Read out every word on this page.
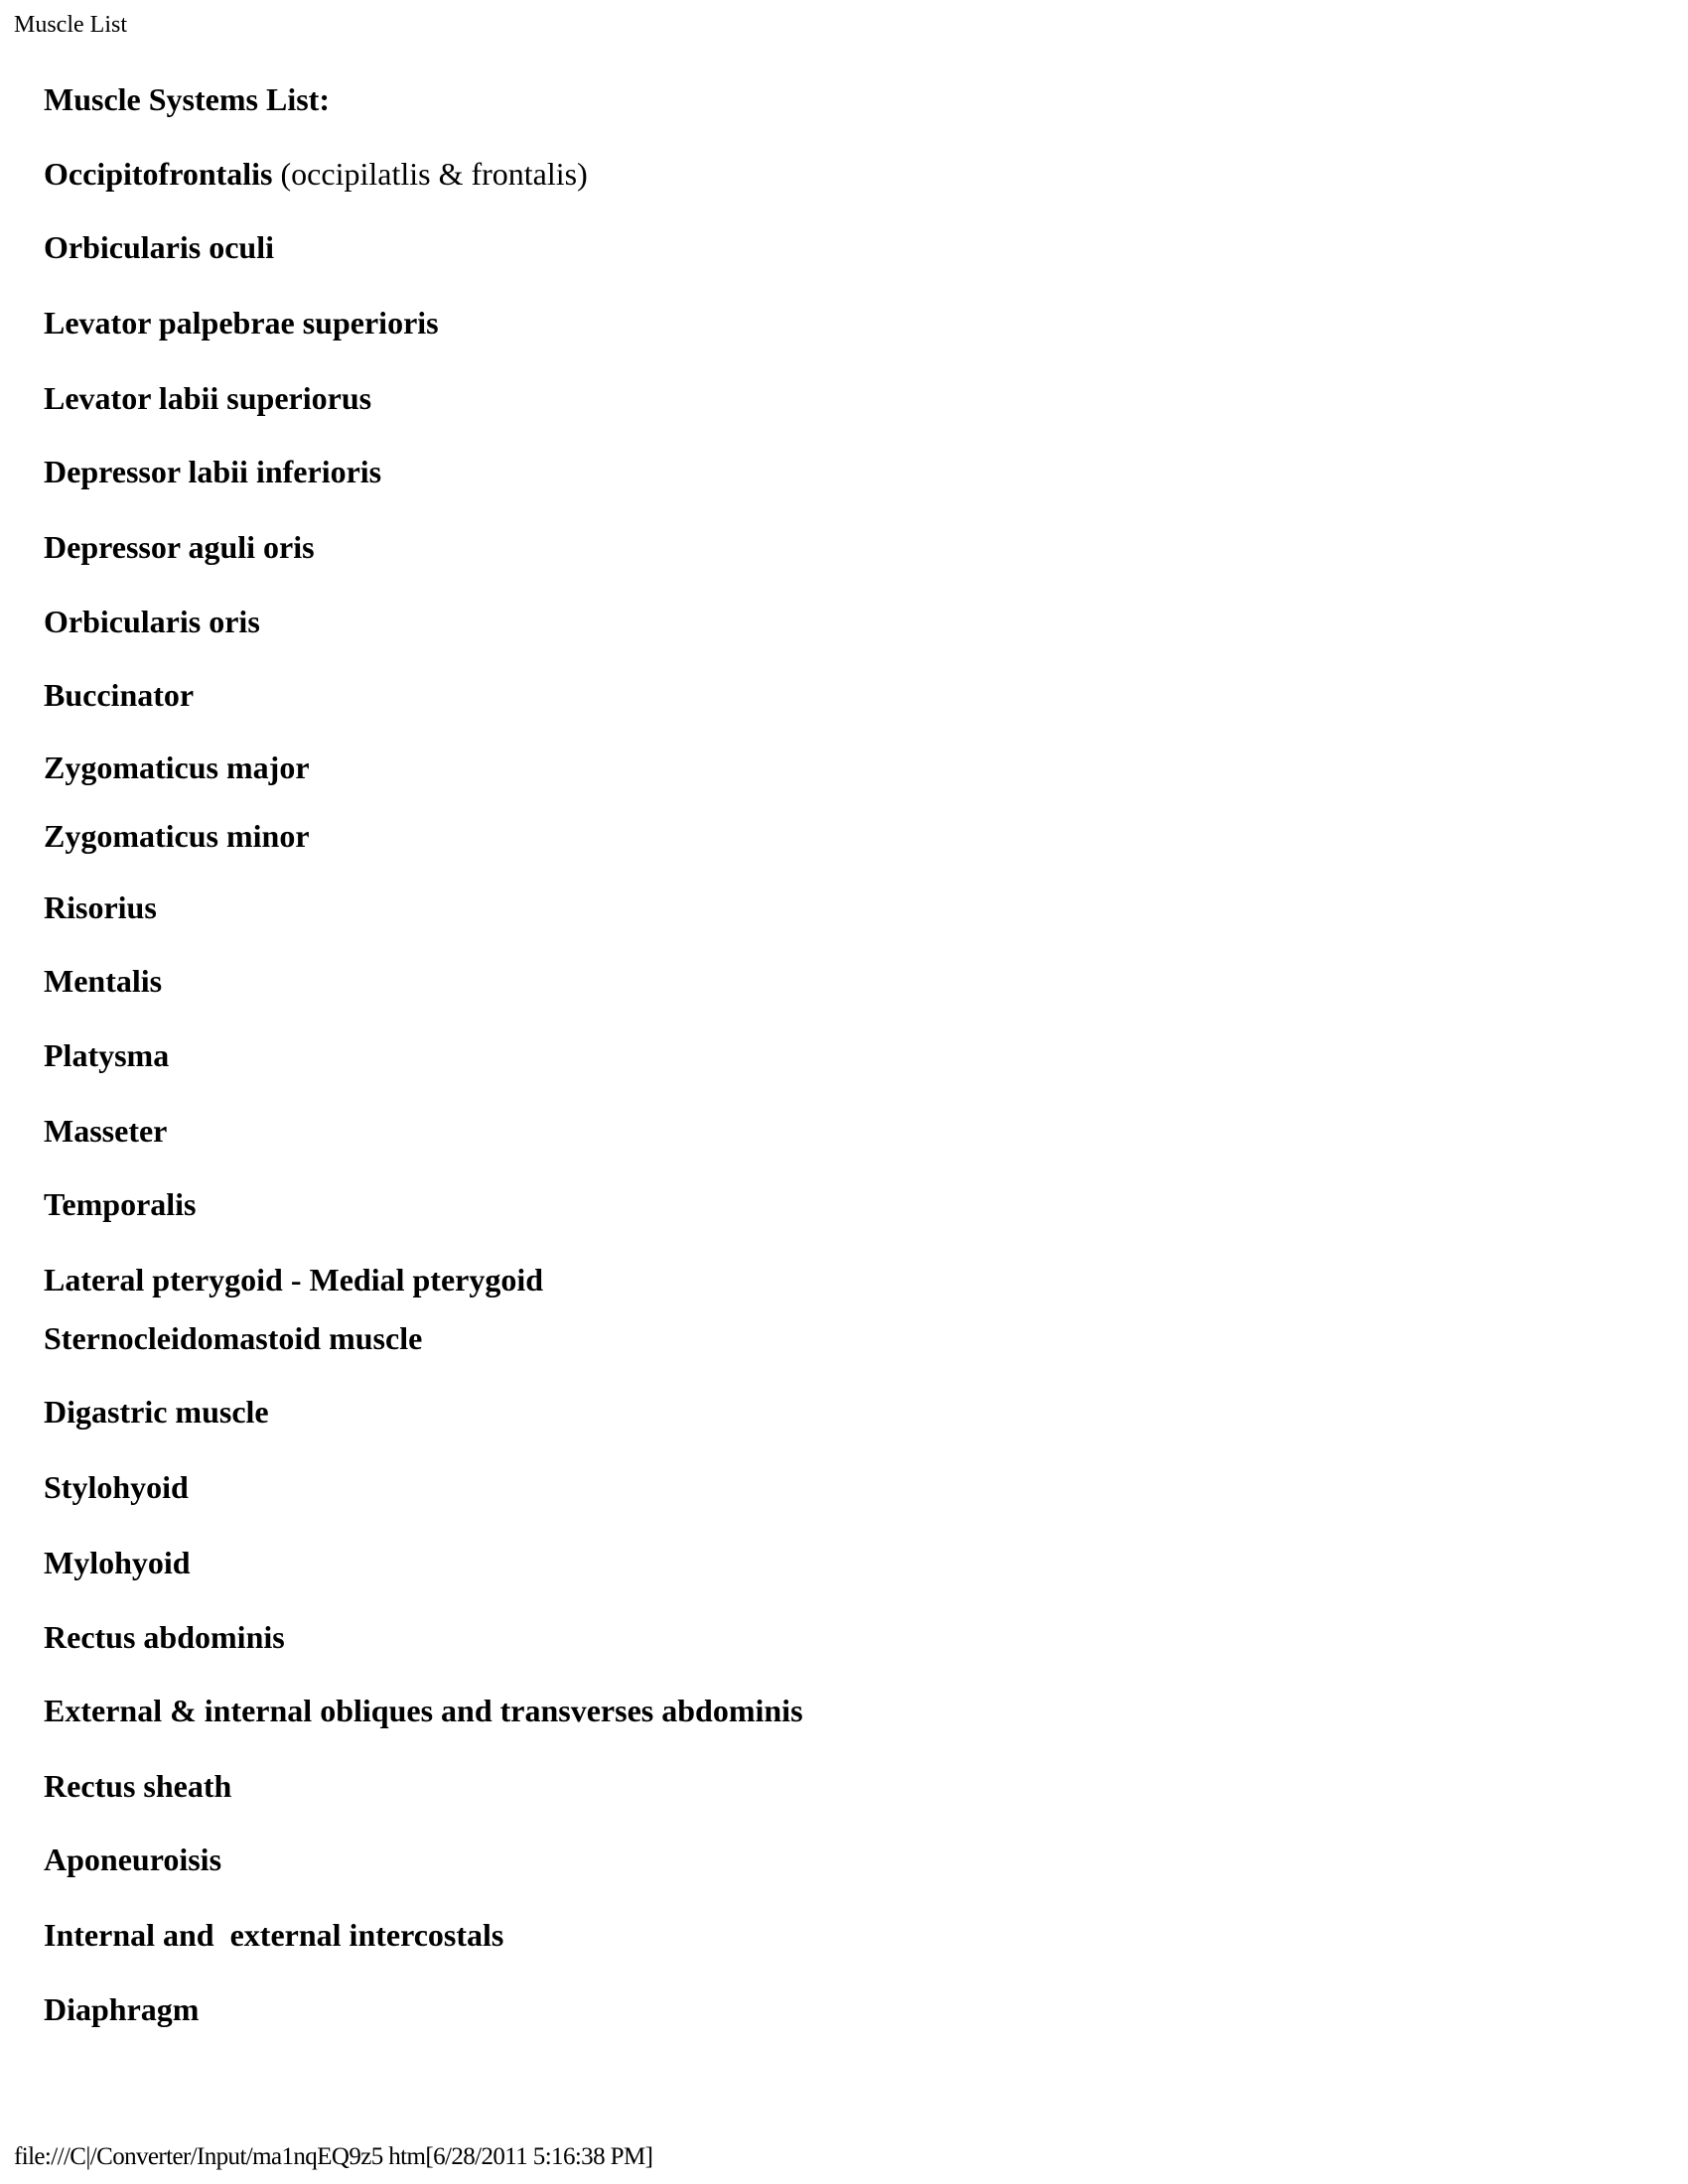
Muscle List
Muscle Systems List:
Occipitofrontalis (occipilatlis & frontalis)
Orbicularis oculi
Levator palpebrae superioris
Levator labii superiorus
Depressor labii inferioris
Depressor aguli oris
Orbicularis oris
Buccinator
Zygomaticus major
Zygomaticus minor
Risorius
Mentalis
Platysma
Masseter
Temporalis
Lateral pterygoid - Medial pterygoid
Sternocleidomastoid muscle
Digastric muscle
Stylohyoid
Mylohyoid
Rectus abdominis
External & internal obliques and transverses abdominis
Rectus sheath
Aponeuroisis
Internal and  external intercostals
Diaphragm
file:///C|/Converter/Input/ma1nqEQ9z5 htm[6/28/2011 5:16:38 PM]
